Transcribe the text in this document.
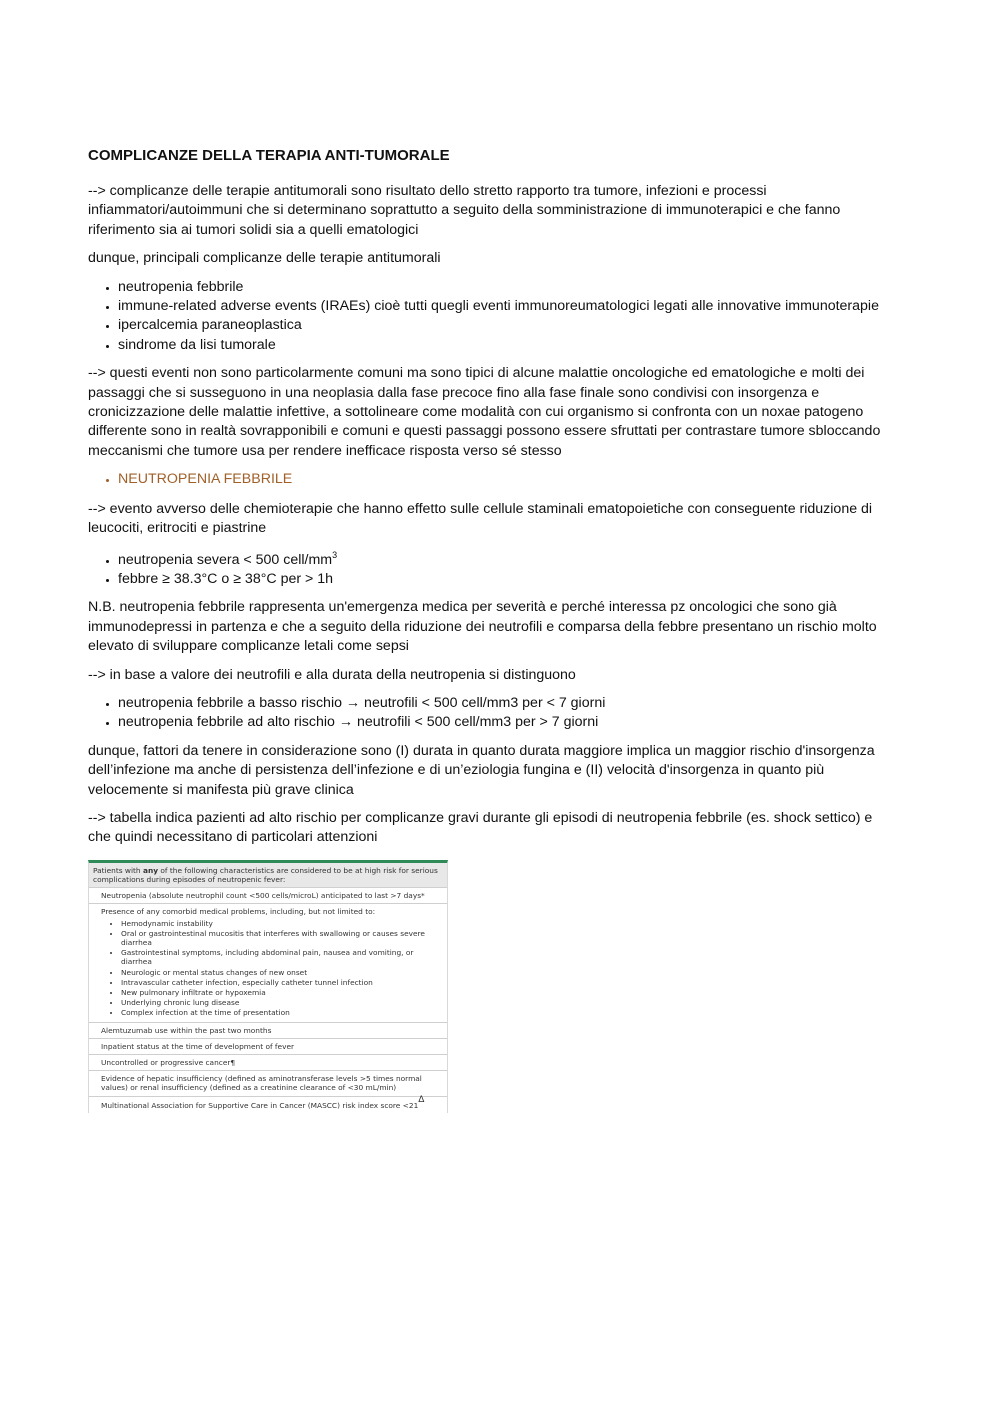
COMPLICANZE DELLA TERAPIA ANTI-TUMORALE

--> complicanze delle terapie antitumorali sono risultato dello stretto rapporto tra tumore, infezioni e processi infiammatori/autoimmuni che si determinano soprattutto a seguito della somministrazione di immunoterapici e che fanno riferimento sia ai tumori solidi sia a quelli ematologici

dunque, principali complicanze delle terapie antitumorali

• neutropenia febbrile
• immune-related adverse events (IRAEs) cioè tutti quegli eventi immunoreumatologici legati alle innovative immunoterapie
• ipercalcemia paraneoplastica
• sindrome da lisi tumorale

--> questi eventi non sono particolarmente comuni ma sono tipici di alcune malattie oncologiche ed ematologiche e molti dei passaggi che si susseguono in una neoplasia dalla fase precoce fino alla fase finale sono condivisi con insorgenza e cronicizzazione delle malattie infettive, a sottolineare come modalità con cui organismo si confronta con un noxae patogeno differente sono in realtà sovrapponibili e comuni e questi passaggi possono essere sfruttati per contrastare tumore sbloccando meccanismi che tumore usa per rendere inefficace risposta verso sé stesso

• NEUTROPENIA FEBBRILE

--> evento avverso delle chemioterapie che hanno effetto sulle cellule staminali ematopoietiche con conseguente riduzione di leucociti, eritrociti e piastrine

• neutropenia severa < 500 cell/$mm^3$
• febbre ≥ 38.3°C o ≥ 38°C per > 1h

N.B. neutropenia febbrile rappresenta un'emergenza medica per severità e perché interessa pz oncologici che sono già immunodepressi in partenza e che a seguito della riduzione dei neutrofili e comparsa della febbre presentano un rischio molto elevato di sviluppare complicanze letali come sepsi

--> in base a valore dei neutrofili e alla durata della neutropenia si distinguono

• neutropenia febbrile a basso rischio → neutrofili < 500 cell/mm3 per < 7 giorni
• neutropenia febbrile ad alto rischio → neutrofili < 500 cell/mm3 per > 7 giorni

dunque, fattori da tenere in considerazione sono (I) durata in quanto durata maggiore implica un maggior rischio d'insorgenza dell’infezione ma anche di persistenza dell’infezione e di un’eziologia fungina e (II) velocità d'insorgenza in quanto più velocemente si manifesta più grave clinica

--> tabella indica pazienti ad alto rischio per complicanze gravi durante gli episodi di neutropenia febbrile (es. shock settico) e che quindi necessitano di particolari attenzioni

Patients with any of the following characteristics are considered to be at high risk for serious complications during episodes of neutropenic fever:
Neutropenia (absolute neutrophil count <500 cells/microL) anticipated to last >7 days*
Presence of any comorbid medical problems, including, but not limited to:
• Hemodynamic instability
• Oral or gastrointestinal mucositis that interferes with swallowing or causes severe diarrhea
• Gastrointestinal symptoms, including abdominal pain, nausea and vomiting, or diarrhea
• Neurologic or mental status changes of new onset
• Intravascular catheter infection, especially catheter tunnel infection
• New pulmonary infiltrate or hypoxemia
• Underlying chronic lung disease
• Complex infection at the time of presentation
Alemtuzumab use within the past two months
Inpatient status at the time of development of fever
Uncontrolled or progressive cancer¶
Evidence of hepatic insufficiency (defined as aminotransferase levels >5 times normal values) or renal insufficiency (defined as a creatinine clearance of <30 mL/min)
Multinational Association for Supportive Care in Cancer (MASCC) risk index score $<21^\Delta$
